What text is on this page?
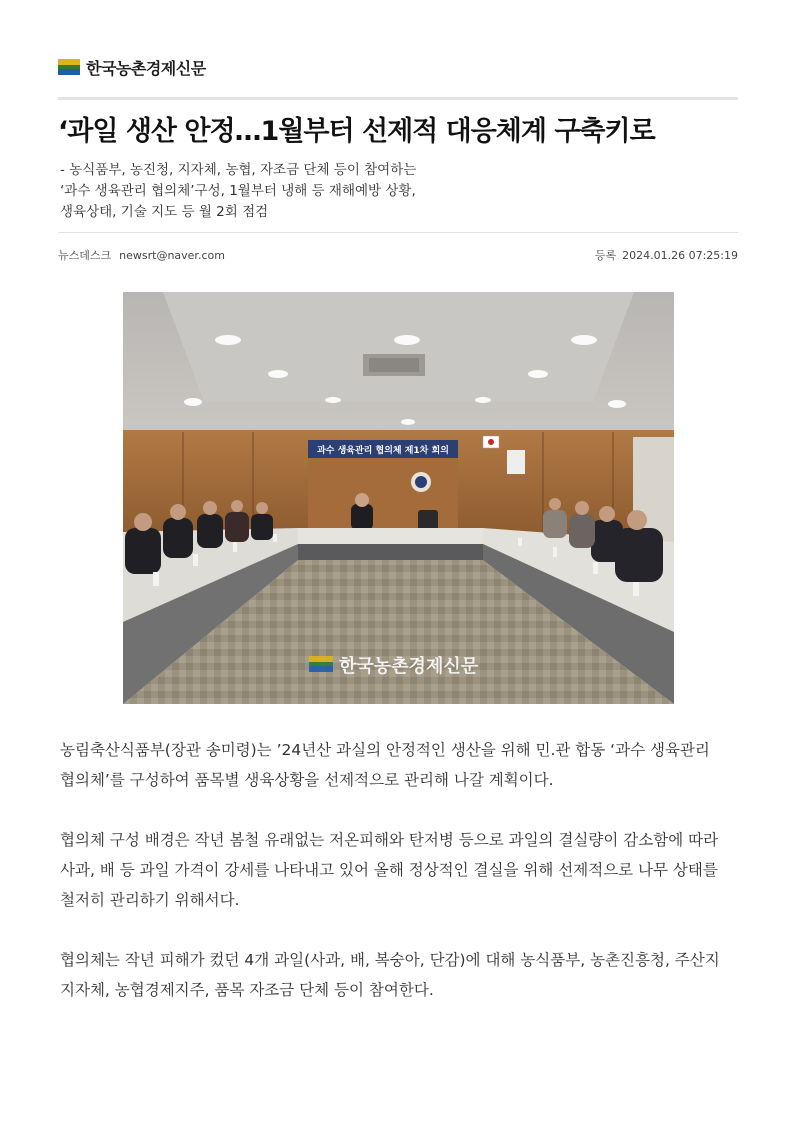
한국농촌경제신문
‘과일 생산 안정…1월부터 선제적 대응체계 구축키로
- 농식품부, 농진청, 지자체, 농협, 자조금 단체 등이 참여하는
‘과수 생육관리 협의체’구성, 1월부터 냉해 등 재해예방 상황,
생육상태, 기술 지도 등 월 2회 점검
뉴스데스크 newsrt@naver.com	등록 2024.01.26 07:25:19
과수 생육관리 협의체 제1차 회의
한국농촌경제신문

농림축산식품부(장관 송미령)는 ’24년산 과실의 안정적인 생산을 위해 민.관 합동 ‘과수 생육관리 협의체’를 구성하여 품목별 생육상황을 선제적으로 관리해 나갈 계획이다.

협의체 구성 배경은 작년 봄철 유래없는 저온피해와 탄저병 등으로 과일의 결실량이 감소함에 따라 사과, 배 등 과일 가격이 강세를 나타내고 있어 올해 정상적인 결실을 위해 선제적으로 나무 상태를 철저히 관리하기 위해서다.

협의체는 작년 피해가 컸던 4개 과일(사과, 배, 복숭아, 단감)에 대해 농식품부, 농촌진흥청, 주산지 지자체, 농협경제지주, 품목 자조금 단체 등이 참여한다.
